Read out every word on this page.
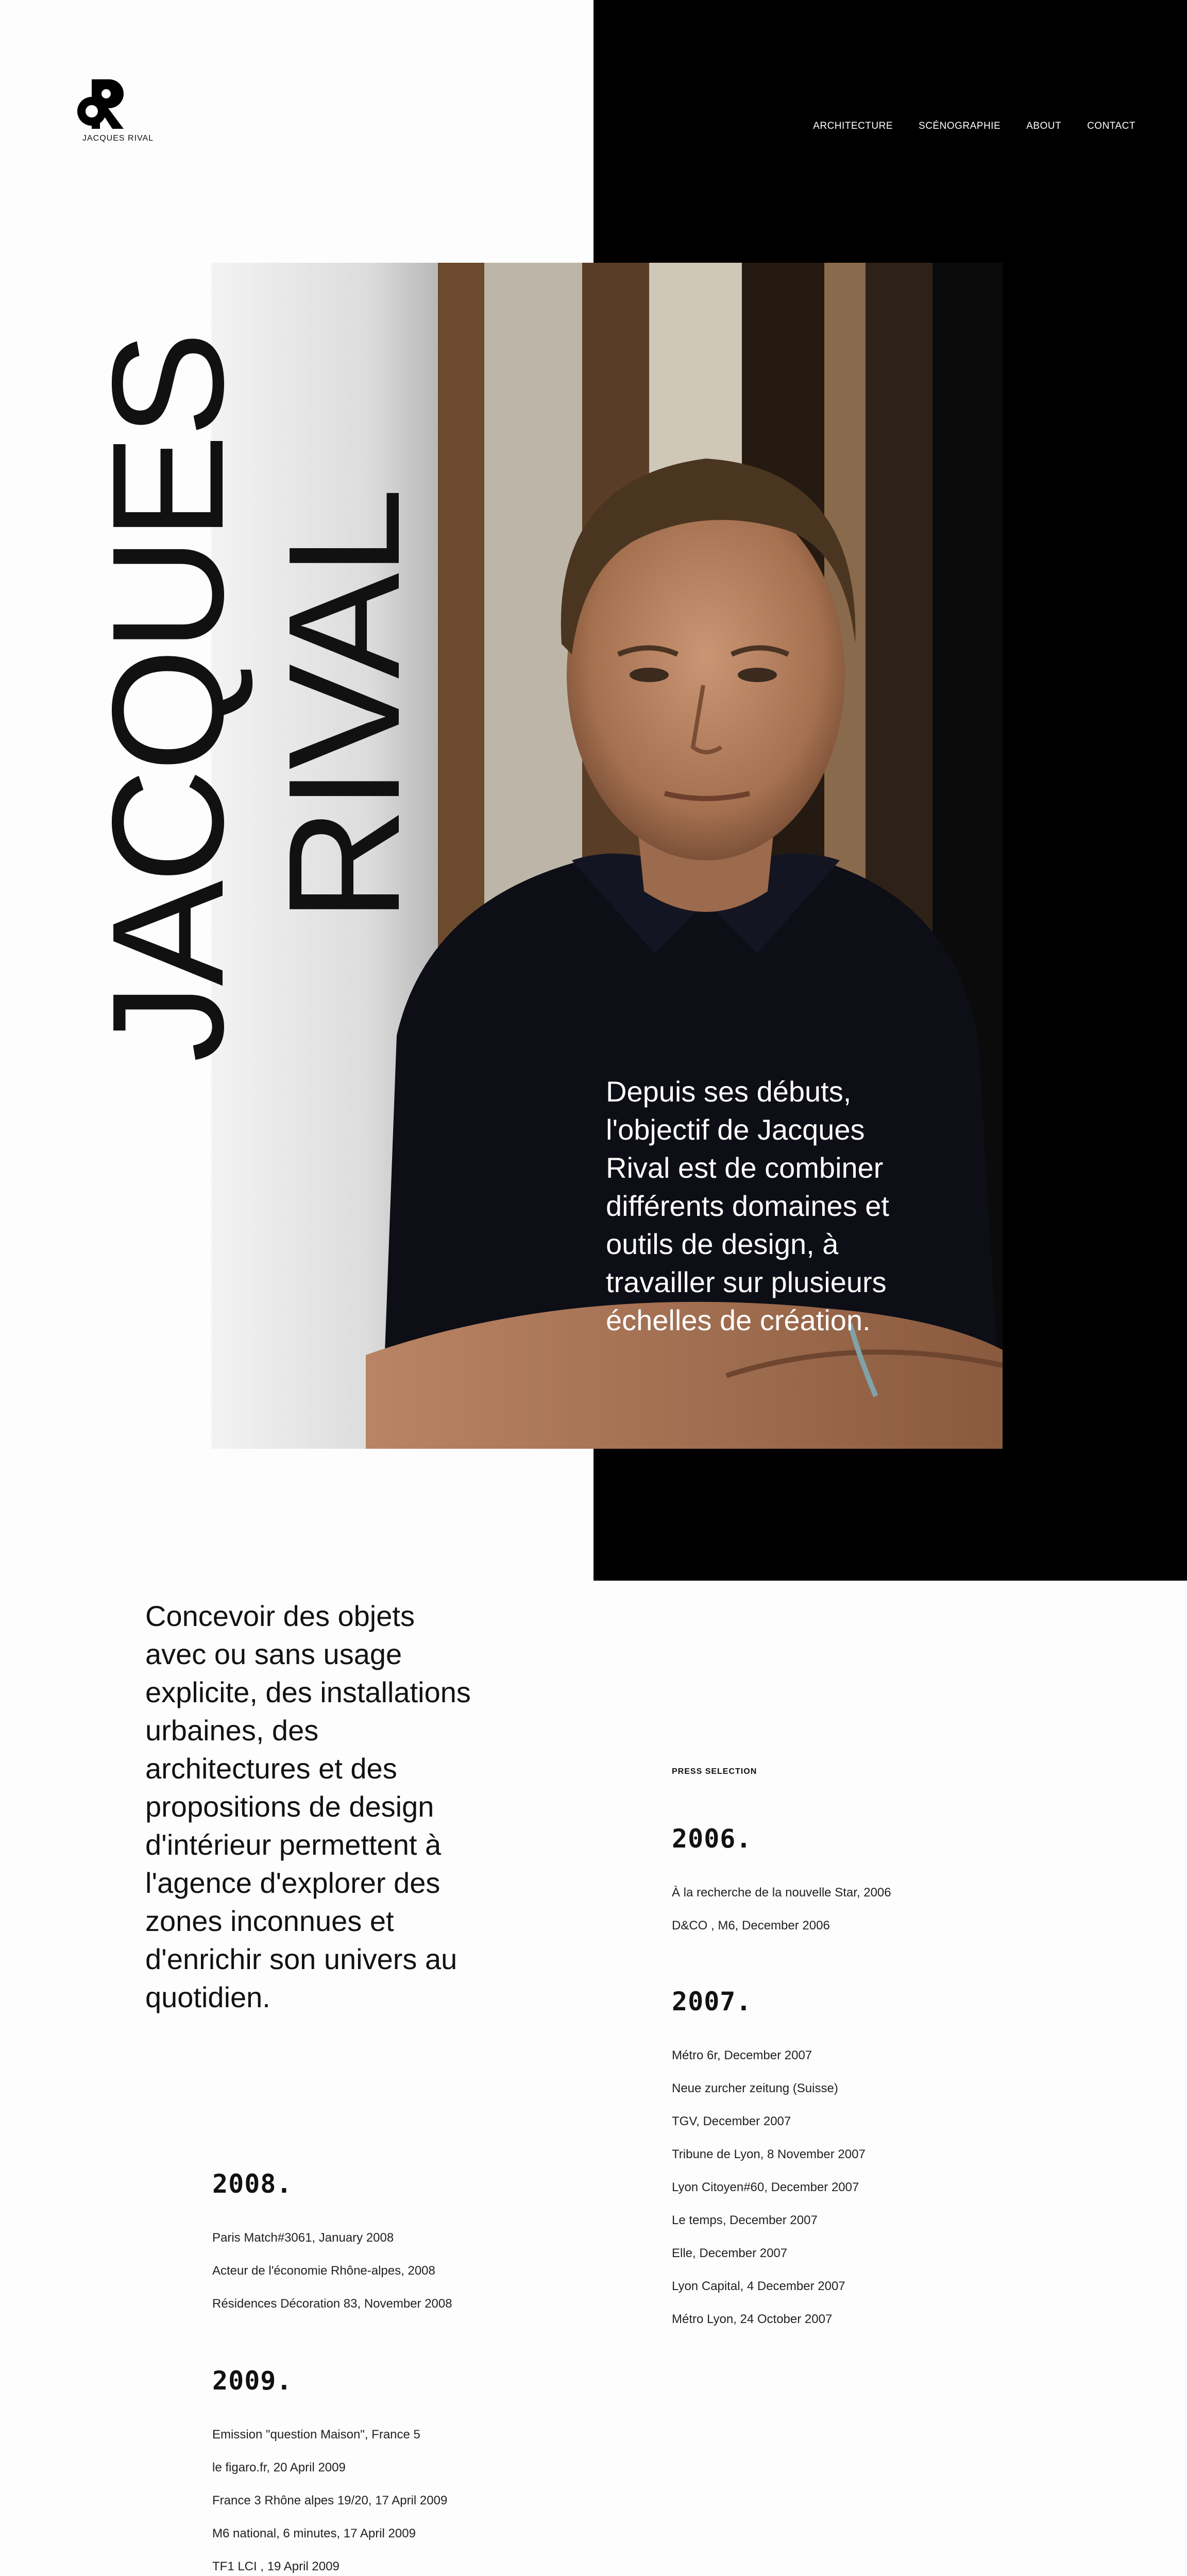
JACQUES RIVAL
ARCHITECTURE	SCÉNOGRAPHIE	ABOUT	CONTACT
JACQUES
RIVAL

Depuis ses débuts, l'objectif de Jacques Rival est de combiner différents domaines et outils de design, à travailler sur plusieurs échelles de création.

Concevoir des objets avec ou sans usage explicite, des installations urbaines, des architectures et des propositions de design d'intérieur permettent à l'agence d'explorer des zones inconnues et d'enrichir son univers au quotidien.

PRESS SELECTION
2006.
À la recherche de la nouvelle Star, 2006
D&CO , M6, December 2006
2007.
Métro 6r, December 2007
Neue zurcher zeitung (Suisse)
TGV, December 2007
Tribune de Lyon, 8 November 2007
Lyon Citoyen#60, December 2007
Le temps, December 2007
Elle, December 2007
Lyon Capital, 4 December 2007
Métro Lyon, 24 October 2007
2008.
Paris Match#3061, January 2008
Acteur de l'économie Rhône-alpes, 2008
Résidences Décoration 83, November 2008
2009.
Emission "question Maison", France 5
le figaro.fr, 20 April 2009
France 3 Rhône alpes 19/20, 17 April 2009
M6 national, 6 minutes, 17 April 2009
TF1 LCI , 19 April 2009
